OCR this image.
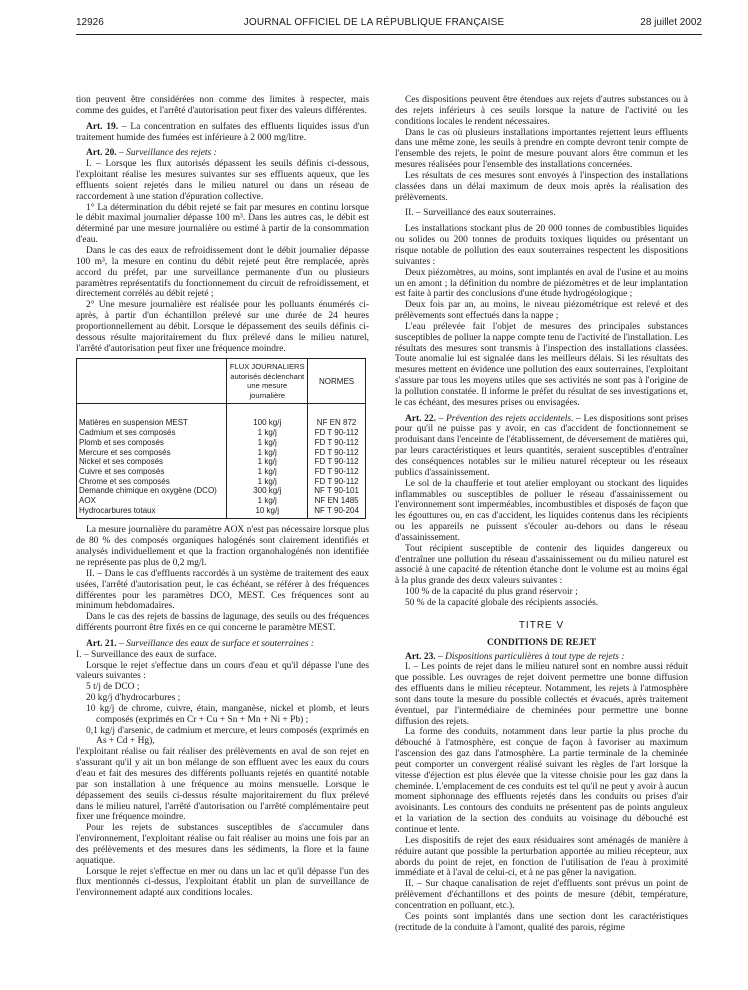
12926	JOURNAL OFFICIEL DE LA RÉPUBLIQUE FRANÇAISE	28 juillet 2002

tion peuvent être considérées non comme des limites à respecter, mais comme des guides, et l'arrêté d'autorisation peut fixer des valeurs différentes.

Art. 19. – La concentration en sulfates des effluents liquides issus d'un traitement humide des fumées est inférieure à 2 000 mg/litre.

Art. 20. – Surveillance des rejets :

I. – Lorsque les flux autorisés dépassent les seuils définis ci-dessous, l'exploitant réalise les mesures suivantes sur ses effluents aqueux, que les effluents soient rejetés dans le milieu naturel ou dans un réseau de raccordement à une station d'épuration collective.

1° La détermination du débit rejeté se fait par mesures en continu lorsque le débit maximal journalier dépasse 100 m³. Dans les autres cas, le débit est déterminé par une mesure journalière ou estimé à partir de la consommation d'eau.

Dans le cas des eaux de refroidissement dont le débit journalier dépasse 100 m³, la mesure en continu du débit rejeté peut être remplacée, après accord du préfet, par une surveillance permanente d'un ou plusieurs paramètres représentatifs du fonctionnement du circuit de refroidissement, et directement corrélés au débit rejeté ;

2° Une mesure journalière est réalisée pour les polluants énumérés ci-après, à partir d'un échantillon prélevé sur une durée de 24 heures proportionnellement au débit. Lorsque le dépassement des seuils définis ci-dessous résulte majoritairement du flux prélevé dans le milieu naturel, l'arrêté d'autorisation peut fixer une fréquence moindre.

	FLUX JOURNALIERS
autorisés déclenchant une mesure journalière	NORMES
Matières en suspension MEST	100 kg/j	NF EN 872
Cadmium et ses composés	1 kg/j	FD T 90-112
Plomb et ses composés	1 kg/j	FD T 90-112
Mercure et ses composés	1 kg/j	FD T 90-112
Nickel et ses composés	1 kg/j	FD T 90-112
Cuivre et ses composés	1 kg/j	FD T 90-112
Chrome et ses composés	1 kg/j	FD T 90-112
Demande chimique en oxygène (DCO)	300 kg/j	NF T 90-101
AOX	1 kg/j	NF EN 1485
Hydrocarbures totaux	10 kg/j	NF T 90-204

La mesure journalière du paramètre AOX n'est pas nécessaire lorsque plus de 80 % des composés organiques halogénés sont clairement identifiés et analysés individuellement et que la fraction organohalogénés non identifiée ne représente pas plus de 0,2 mg/l.

II. – Dans le cas d'effluents raccordés à un système de traitement des eaux usées, l'arrêté d'autorisation peut, le cas échéant, se référer à des fréquences différentes pour les paramètres DCO, MEST. Ces fréquences sont au minimum hebdomadaires.

Dans le cas des rejets de bassins de lagunage, des seuils ou des fréquences différents pourront être fixés en ce qui concerne le paramètre MEST.

Art. 21. – Surveillance des eaux de surface et souterraines :

I. – Surveillance des eaux de surface.

Lorsque le rejet s'effectue dans un cours d'eau et qu'il dépasse l'une des valeurs suivantes :

5 t/j de DCO ;

20 kg/j d'hydrocarbures ;

10 kg/j de chrome, cuivre, étain, manganèse, nickel et plomb, et leurs composés (exprimés en Cr + Cu + Sn + Mn + Ni + Pb) ;

0,1 kg/j d'arsenic, de cadmium et mercure, et leurs composés (exprimés en As + Cd + Hg),

l'exploitant réalise ou fait réaliser des prélèvements en aval de son rejet en s'assurant qu'il y ait un bon mélange de son effluent avec les eaux du cours d'eau et fait des mesures des différents polluants rejetés en quantité notable par son installation à une fréquence au moins mensuelle. Lorsque le dépassement des seuils ci-dessus résulte majoritairement du flux prélevé dans le milieu naturel, l'arrêté d'autorisation ou l'arrêté complémentaire peut fixer une fréquence moindre.

Pour les rejets de substances susceptibles de s'accumuler dans l'environnement, l'exploitant réalise ou fait réaliser au moins une fois par an des prélèvements et des mesures dans les sédiments, la flore et la faune aquatique.

Lorsque le rejet s'effectue en mer ou dans un lac et qu'il dépasse l'un des flux mentionnés ci-dessus, l'exploitant établit un plan de surveillance de l'environnement adapté aux conditions locales.

Ces dispositions peuvent être étendues aux rejets d'autres substances ou à des rejets inférieurs à ces seuils lorsque la nature de l'activité ou les conditions locales le rendent nécessaires.

Dans le cas où plusieurs installations importantes rejettent leurs effluents dans une même zone, les seuils à prendre en compte devront tenir compte de l'ensemble des rejets, le point de mesure pouvant alors être commun et les mesures réalisées pour l'ensemble des installations concernées.

Les résultats de ces mesures sont envoyés à l'inspection des installations classées dans un délai maximum de deux mois après la réalisation des prélèvements.

II. – Surveillance des eaux souterraines.

Les installations stockant plus de 20 000 tonnes de combustibles liquides ou solides ou 200 tonnes de produits toxiques liquides ou présentant un risque notable de pollution des eaux souterraines respectent les dispositions suivantes :

Deux piézomètres, au moins, sont implantés en aval de l'usine et au moins un en amont ; la définition du nombre de piézomètres et de leur implantation est faite à partir des conclusions d'une étude hydrogéologique ;

Deux fois par an, au moins, le niveau piézométrique est relevé et des prélèvements sont effectués dans la nappe ;

L'eau prélevée fait l'objet de mesures des principales substances susceptibles de polluer la nappe compte tenu de l'activité de l'installation. Les résultats des mesures sont transmis à l'inspection des installations classées. Toute anomalie lui est signalée dans les meilleurs délais. Si les résultats des mesures mettent en évidence une pollution des eaux souterraines, l'exploitant s'assure par tous les moyens utiles que ses activités ne sont pas à l'origine de la pollution constatée. Il informe le préfet du résultat de ses investigations et, le cas échéant, des mesures prises ou envisagées.

Art. 22. – Prévention des rejets accidentels. – Les dispositions sont prises pour qu'il ne puisse pas y avoir, en cas d'accident de fonctionnement se produisant dans l'enceinte de l'établissement, de déversement de matières qui, par leurs caractéristiques et leurs quantités, seraient susceptibles d'entraîner des conséquences notables sur le milieu naturel récepteur ou les réseaux publics d'assainissement.

Le sol de la chaufferie et tout atelier employant ou stockant des liquides inflammables ou susceptibles de polluer le réseau d'assainissement ou l'environnement sont imperméables, incombustibles et disposés de façon que les égouttures ou, en cas d'accident, les liquides contenus dans les récipients ou les appareils ne puissent s'écouler au-dehors ou dans le réseau d'assainissement.

Tout récipient susceptible de contenir des liquides dangereux ou d'entraîner une pollution du réseau d'assainissement ou du milieu naturel est associé à une capacité de rétention étanche dont le volume est au moins égal à la plus grande des deux valeurs suivantes :

100 % de la capacité du plus grand réservoir ;

50 % de la capacité globale des récipients associés.

TITRE V
CONDITIONS DE REJET

Art. 23. – Dispositions particulières à tout type de rejets :

I. – Les points de rejet dans le milieu naturel sont en nombre aussi réduit que possible. Les ouvrages de rejet doivent permettre une bonne diffusion des effluents dans le milieu récepteur. Notamment, les rejets à l'atmosphère sont dans toute la mesure du possible collectés et évacués, après traitement éventuel, par l'intermédiaire de cheminées pour permettre une bonne diffusion des rejets.

La forme des conduits, notamment dans leur partie la plus proche du débouché à l'atmosphère, est conçue de façon à favoriser au maximum l'ascension des gaz dans l'atmosphère. La partie terminale de la cheminée peut comporter un convergent réalisé suivant les règles de l'art lorsque la vitesse d'éjection est plus élevée que la vitesse choisie pour les gaz dans la cheminée. L'emplacement de ces conduits est tel qu'il ne peut y avoir à aucun moment siphonnage des effluents rejetés dans les conduits ou prises d'air avoisinants. Les contours des conduits ne présentent pas de points anguleux et la variation de la section des conduits au voisinage du débouché est continue et lente.

Les dispositifs de rejet des eaux résiduaires sont aménagés de manière à réduire autant que possible la perturbation apportée au milieu récepteur, aux abords du point de rejet, en fonction de l'utilisation de l'eau à proximité immédiate et à l'aval de celui-ci, et à ne pas gêner la navigation.

II. – Sur chaque canalisation de rejet d'effluents sont prévus un point de prélèvement d'échantillons et des points de mesure (débit, température, concentration en polluant, etc.).

Ces points sont implantés dans une section dont les caractéristiques (rectitude de la conduite à l'amont, qualité des parois, régime
